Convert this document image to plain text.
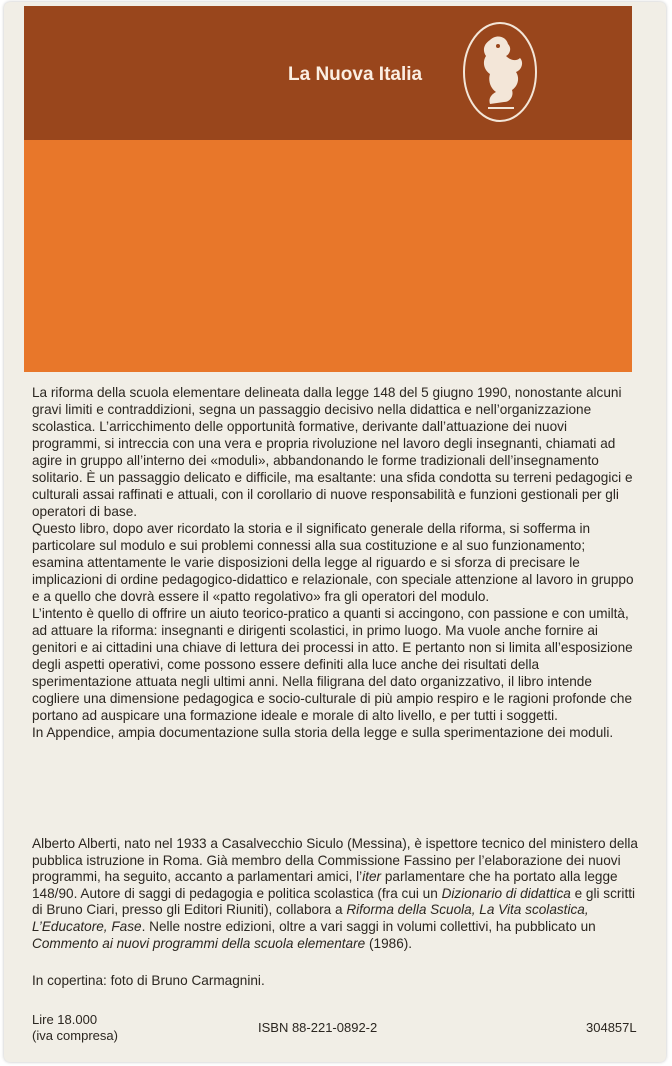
La Nuova Italia

La riforma della scuola elementare delineata dalla legge 148 del 5 giugno 1990, nonostante alcuni gravi limiti e contraddizioni, segna un passaggio decisivo nella didattica e nell’organizzazione scolastica. L’arricchimento delle opportunità formative, derivante dall’attuazione dei nuovi programmi, si intreccia con una vera e propria rivoluzione nel lavoro degli insegnanti, chiamati ad agire in gruppo all’interno dei «moduli», abbandonando le forme tradizionali dell’insegnamento solitario. È un passaggio delicato e difficile, ma esaltante: una sfida condotta su terreni pedagogici e culturali assai raffinati e attuali, con il corollario di nuove responsabilità e funzioni gestionali per gli operatori di base.

Questo libro, dopo aver ricordato la storia e il significato generale della riforma, si sofferma in particolare sul modulo e sui problemi connessi alla sua costituzione e al suo funzionamento; esamina attentamente le varie disposizioni della legge al riguardo e si sforza di precisare le implicazioni di ordine pedagogico-didattico e relazionale, con speciale attenzione al lavoro in gruppo e a quello che dovrà essere il «patto regolativo» fra gli operatori del modulo.

L’intento è quello di offrire un aiuto teorico-pratico a quanti si accingono, con passione e con umiltà, ad attuare la riforma: insegnanti e dirigenti scolastici, in primo luogo. Ma vuole anche fornire ai genitori e ai cittadini una chiave di lettura dei processi in atto. E pertanto non si limita all’esposizione degli aspetti operativi, come possono essere definiti alla luce anche dei risultati della sperimentazione attuata negli ultimi anni. Nella filigrana del dato organizzativo, il libro intende cogliere una dimensione pedagogica e socio-culturale di più ampio respiro e le ragioni profonde che portano ad auspicare una formazione ideale e morale di alto livello, e per tutti i soggetti.

In Appendice, ampia documentazione sulla storia della legge e sulla sperimentazione dei moduli.

Alberto Alberti, nato nel 1933 a Casalvecchio Siculo (Messina), è ispettore tecnico del ministero della pubblica istruzione in Roma. Già membro della Commissione Fassino per l’elaborazione dei nuovi programmi, ha seguito, accanto a parlamentari amici, l’iter parlamentare che ha portato alla legge 148/90. Autore di saggi di pedagogia e politica scolastica (fra cui un Dizionario di didattica e gli scritti di Bruno Ciari, presso gli Editori Riuniti), collabora a Riforma della Scuola, La Vita scolastica, L’Educatore, Fase. Nelle nostre edizioni, oltre a vari saggi in volumi collettivi, ha pubblicato un Commento ai nuovi programmi della scuola elementare (1986).
In copertina: foto di Bruno Carmagnini.
Lire 18.000
(iva compresa)
ISBN 88-221-0892-2	304857L
